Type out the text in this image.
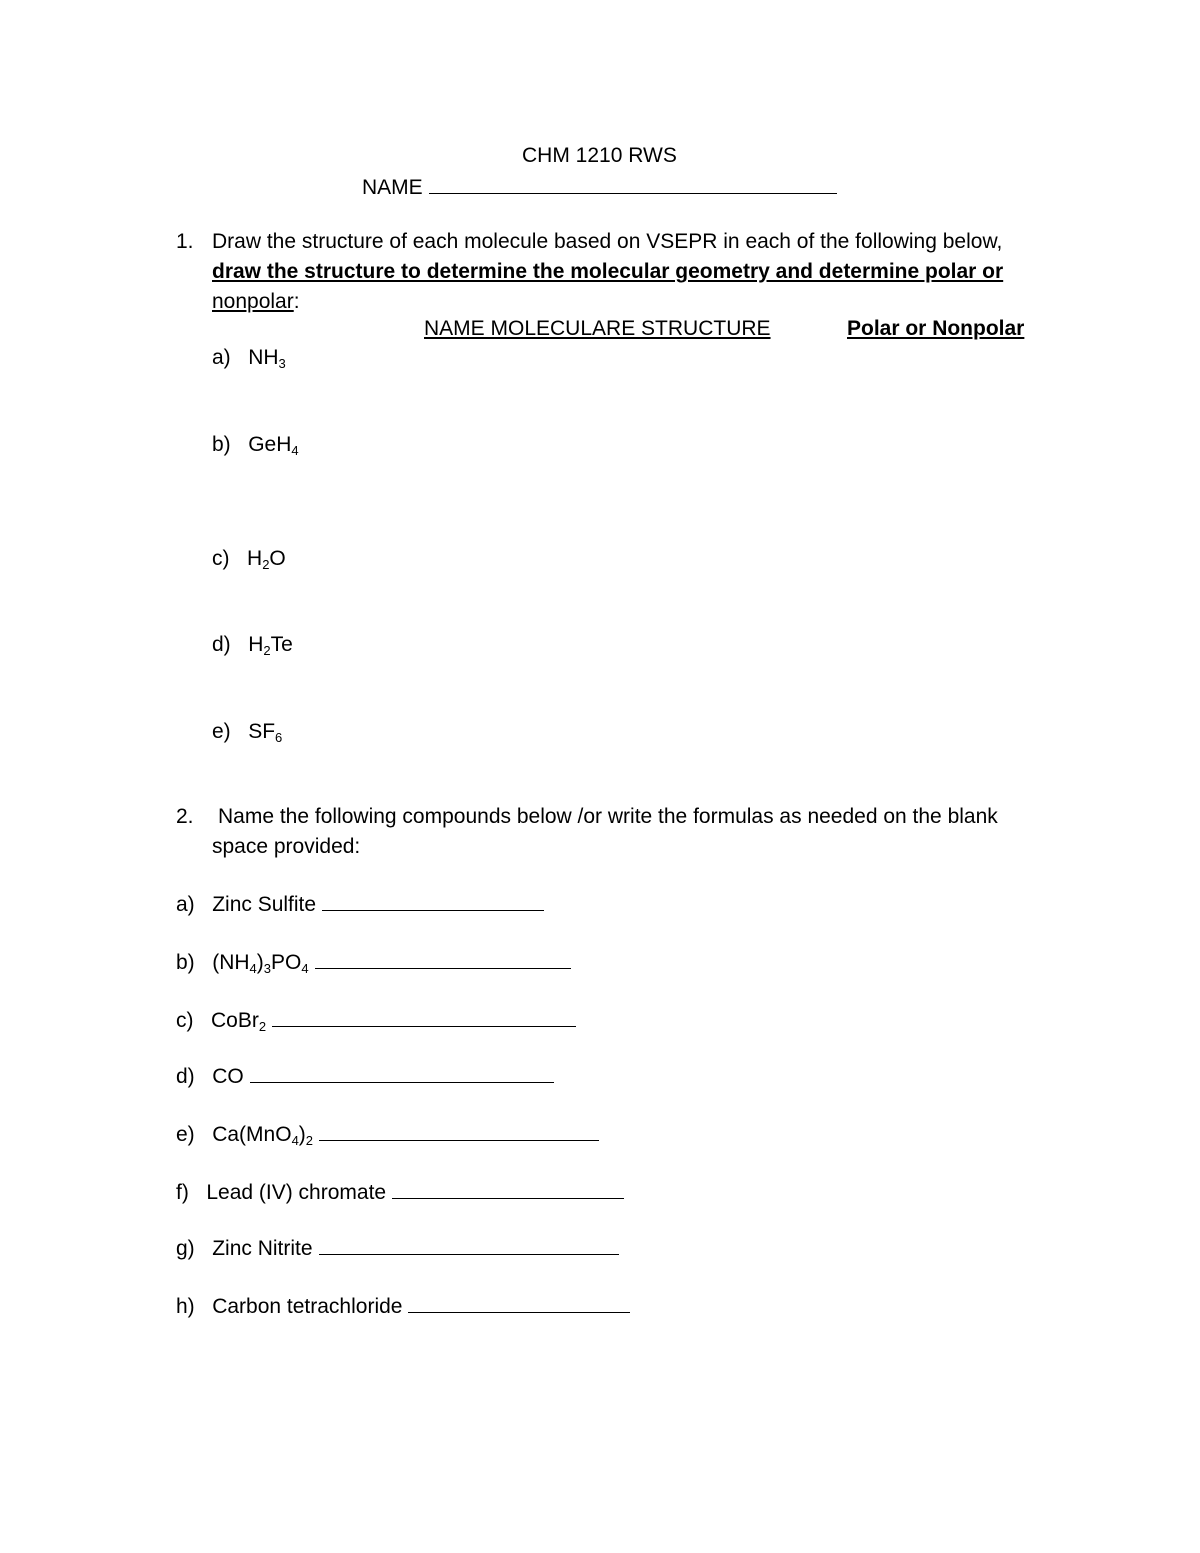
CHM 1210 RWS
NAME
1. Draw the structure of each molecule based on VSEPR in each of the following below,
draw the structure to determine the molecular geometry and determine polar or
nonpolar:
NAME MOLECULARE STRUCTURE	Polar or Nonpolar
a) $NH_3$
b) GeH$_4$
c) $H_2O$
d) $H_2Te$
e) $SF_6$
2. Name the following compounds below /or write the formulas as needed on the blank
space provided:
a) Zinc Sulfite
b) $(NH_4)_3PO_4$
c) CoBr$_2$
d) CO
e) $Ca(MnO_4)_2$
f) Lead (IV) chromate
g) Zinc Nitrite
h) Carbon tetrachloride
